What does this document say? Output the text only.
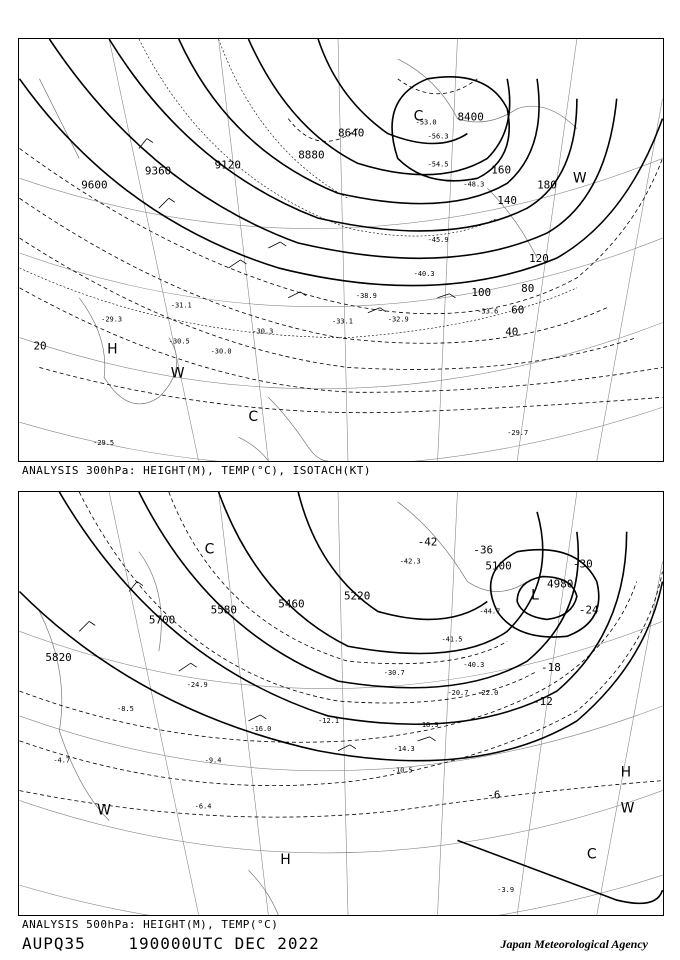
9600
9360	9120
8880
8640
8400
20
40
60
80
100
120
140
160
180
-29.3
-29.5
-29.7
-30.0
-30.3
-30.5
-31.1
-32.9
-33.1
-33.6
-38.9
-40.3
-45.9
-48.3
-53.0
-54.5
-56.3
H
W
C
C
W
ANALYSIS 300hPa: HEIGHT(M), TEMP(°C), ISOTACH(KT)
5820
5700
5580	5460
5220
5100
4980
-6
-12
-18
-24
-30
-36
-42
-4.7
-6.4
-8.5
-9.4
-10.5
-12.1
-14.3
-16.0	-18.9
-20.7 -22.0
-24.9
-30.7
-40.3
-41.5
-42.3
-44.7
-3.9
L
H
H
W	W
C
C
ANALYSIS 500hPa: HEIGHT(M), TEMP(°C)
AUPQ35	190000UTC DEC 2022	Japan Meteorological Agency
